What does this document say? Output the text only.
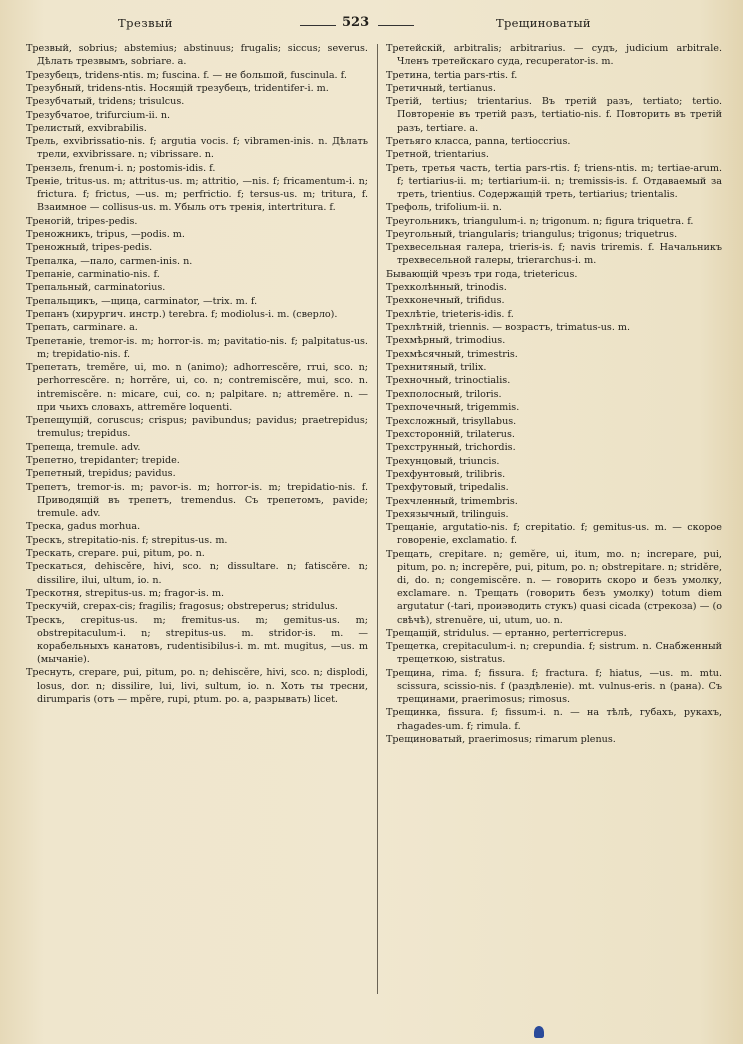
Трезвый	523	Трещиноватый

Трезвый, sobrius; abstemius; abstinuus; frugalis; siccus; severus. Дѣлать трезвымъ, sobriare. a.

Трезубецъ, tridens-ntis. m; fuscina. f. — не большой, fuscinula. f.

Трезубный, tridens-ntis. Носящій трезубецъ, tridentifer-i. m.

Трезубчатый, tridens; trisulcus.

Трезубчатое, trifurcium-ii. n.

Трелистый, exvibrabilis.

Трель, exvibrissatio-nis. f; argutia vocis. f; vibramen-inis. n. Дѣлать трели, exvibrissare. n; vibrissare. n.

Трензель, frenum-i. n; postomis-idis. f.

Треніе, tritus-us. m; attritus-us. m; attritio, —nis. f; fricamentum-i. n; frictura. f; frictus, —us. m; perfrictio. f; tersus-us. m; tritura, f. Взаимное — collisus-us. m. Убыль отъ тренія, intertritura. f.

Треногій, tripes-pedis.

Треножникъ, tripus, —podis. m.

Треножный, tripes-pedis.

Трепалка, —пало, carmen-inis. n.

Трепаніе, carminatio-nis. f.

Трепальный, carminatorius.

Трепальщикъ, —щица, carminator, —trix. m. f.

Трепанъ (хирургич. инстр.) terebra. f; modiolus-i. m. (сверло).

Трепать, carminare. a.

Трепетаніе, tremor-is. m; horror-is. m; pavitatio-nis. f; palpitatus-us. m; trepidatio-nis. f.

Трепетать, tremĕre, ui, mo. n (animo); adhorrescĕre, rrui, sco. n; perhorrescĕre. n; horrĕre, ui, co. n; contremiscĕre, mui, sco. n. intremiscĕre. n: micare, cui, co. n; palpitare. n; attremĕre. n. — при чьихъ словахъ, attremĕre loquenti.

Трепещущій, coruscus; crispus; pavibundus; pavidus; praetrepidus; tremulus; trepidus.

Трепеща, tremule. adv.

Трепетно, trepidanter; trepide.

Трепетный, trepidus; pavidus.

Трепетъ, tremor-is. m; pavor-is. m; horror-is. m; trepidatio-nis. f. Приводящій въ трепетъ, tremendus. Съ трепетомъ, pavide; tremule. adv.

Треска, gadus morhua.

Трескъ, strepitatio-nis. f; strepitus-us. m.

Трескать, crepare. pui, pitum, po. n.

Трескаться, dehiscĕre, hivi, sco. n; dissultare. n; fatiscĕre. n; dissilire, ilui, ultum, io. n.

Трескотня, strepitus-us. m; fragor-is. m.

Трескучій, crepax-cis; fragilis; fragosus; obstreperus; stridulus.

Трескъ, crepitus-us. m; fremitus-us. m; gemitus-us. m; obstrepitaculum-i. n; strepitus-us. m. stridor-is. m. — корабельныхъ канатовъ, rudentisibilus-i. m. mt. mugitus, —us. m (мычаніе).

Треснуть, crepare, pui, pitum, po. n; dehiscĕre, hivi, sco. n; displodi, losus, dor. n; dissilire, lui, livi, sultum, io. n. Хоть ты тресни, dirumparis (отъ — mpĕre, rupi, ptum. po. a, разрывать) licet.

Третейскій, arbitralis; arbitrarius. — судъ, judicium arbitrale. Членъ третейскаго суда, recuperator-is. m.

Третина, tertia pars-rtis. f.

Третичный, tertianus.

Третій, tertius; trientarius. Въ третій разъ, tertiato; tertio. Повтореніе въ третій разъ, tertiatio-nis. f. Повторить въ третій разъ, tertiare. a.

Третьяго класса, panna, tertioccrius.

Третной, trientarius.

Треть, третья часть, tertia pars-rtis. f; triens-ntis. m; tertiae-arum. f; tertiarius-ii. m; tertiarium-ii. n; tremissis-is. f. Отдаваемый за треть, trientius. Содержащій треть, tertiarius; trientalis.

Трефоль, trifolium-ii. n.

Треугольникъ, triangulum-i. n; trigonum. n; figura triquetra. f.

Треугольный, triangularis; triangulus; trigonus; triquetrus.

Трехвесельная галера, trieris-is. f; navis triremis. f. Начальникъ трехвесельной галеры, trierarchus-i. m.

Бывающій чрезъ три года, trietericus.

Трехколѣнный, trinodis.

Трехконечный, trifidus.

Трехлѣтіе, trieteris-idis. f.

Трехлѣтній, triennis. — возрастъ, trimatus-us. m.

Трехмѣрный, trimodius.

Трехмѣсячный, trimestris.

Трехнитяный, trilix.

Трехночный, trinoctialis.

Трехполосный, triloris.

Трехпочечный, trigemmis.

Трехсложный, trisyllabus.

Трехсторонній, trilaterus.

Трехструнный, trichordis.

Трехунцовый, triuncis.

Трехфунтовый, trilibris.

Трехфутовый, tripedalis.

Трехчленный, trimembris.

Трехязычный, trilinguis.

Трещаніе, argutatio-nis. f; crepitatio. f; gemitus-us. m. — скорое говореніе, exclamatio. f.

Трещать, crepitare. n; gemĕre, ui, itum, mo. n; increpare, pui, pitum, po. n; increpĕre, pui, pitum, po. n; obstrepitare. n; stridĕre, di, do. n; congemiscĕre. n. — говорить скоро и безъ умолку, exclamare. n. Трещать (говорить безъ умолку) totum diem argutatur (-tari, проиэводить стукъ) quasi cicada (стрекоза) — (о свѣчѣ), strenuĕre, ui, utum, uo. n.

Трещащій, stridulus. — ертанно, perterricrepus.

Трещетка, crepitaculum-i. n; crepundia. f; sistrum. n. Снабженный трещеткою, sistratus.

Трещина, rima. f; fissura. f; fractura. f; hiatus, —us. m. mtu. scissura, scissio-nis. f (раздѣленіе). mt. vulnus-eris. n (рана). Съ трещинами, praerimosus; rimosus.

Трещинка, fissura. f; fissum-i. n. — на тѣлѣ, губахъ, рукахъ, rhagades-um. f; rimula. f.

Трещиноватый, praerimosus; rimarum plenus.
